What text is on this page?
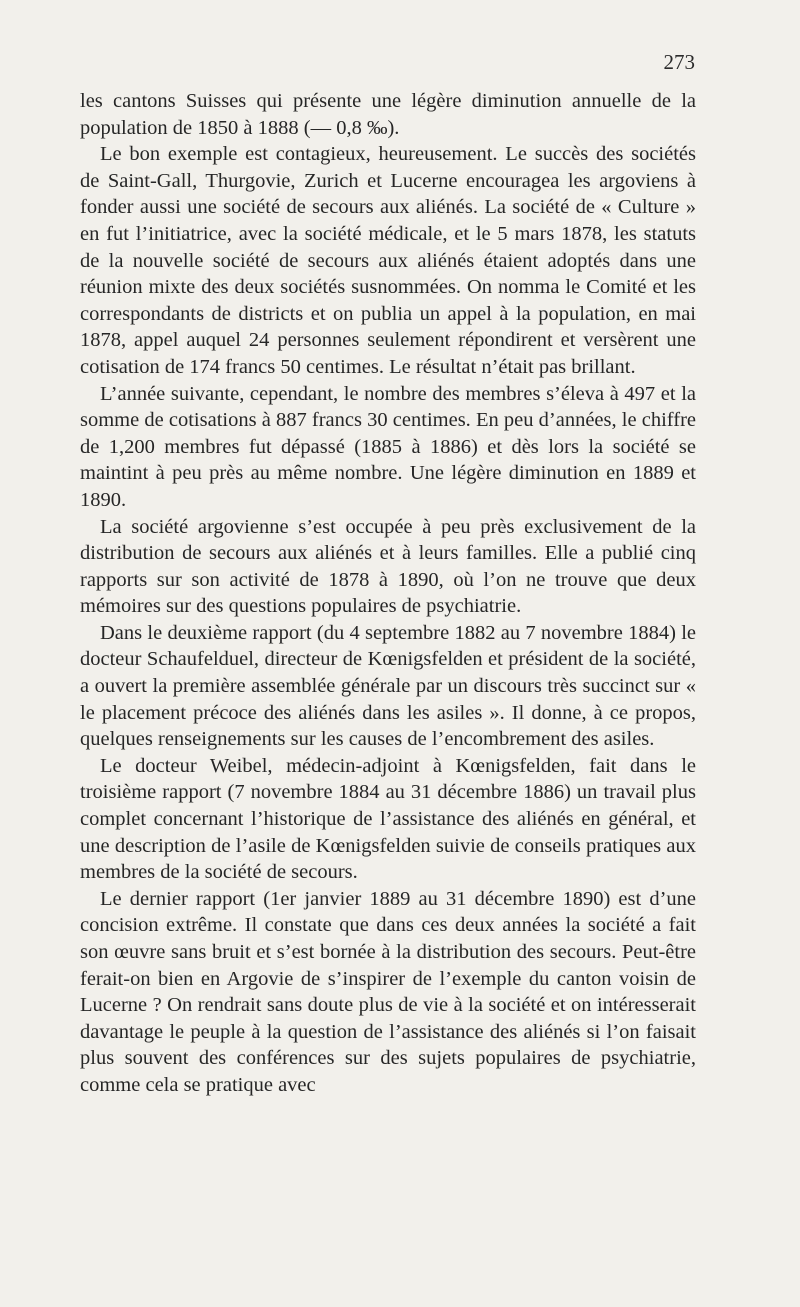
273

les cantons Suisses qui présente une légère diminution annuelle de la population de 1850 à 1888 (— 0,8 ‰).

Le bon exemple est contagieux, heureusement. Le succès des sociétés de Saint-Gall, Thurgovie, Zurich et Lucerne encouragea les argoviens à fonder aussi une société de secours aux aliénés. La société de « Culture » en fut l’initiatrice, avec la société médicale, et le 5 mars 1878, les statuts de la nouvelle société de secours aux aliénés étaient adoptés dans une réunion mixte des deux sociétés susnommées. On nomma le Comité et les correspondants de districts et on publia un appel à la population, en mai 1878, appel auquel 24 personnes seulement répondirent et versèrent une cotisation de 174 francs 50 centimes. Le résultat n’était pas brillant.

L’année suivante, cependant, le nombre des membres s’éleva à 497 et la somme de cotisations à 887 francs 30 centimes. En peu d’années, le chiffre de 1,200 membres fut dépassé (1885 à 1886) et dès lors la société se maintint à peu près au même nombre. Une légère diminution en 1889 et 1890.

La société argovienne s’est occupée à peu près exclusivement de la distribution de secours aux aliénés et à leurs familles. Elle a publié cinq rapports sur son activité de 1878 à 1890, où l’on ne trouve que deux mémoires sur des questions populaires de psychiatrie.

Dans le deuxième rapport (du 4 septembre 1882 au 7 novembre 1884) le docteur Schaufelduel, directeur de Kœnigsfelden et président de la société, a ouvert la première assemblée générale par un discours très succinct sur « le placement précoce des aliénés dans les asiles ». Il donne, à ce propos, quelques renseignements sur les causes de l’encombrement des asiles.

Le docteur Weibel, médecin-adjoint à Kœnigsfelden, fait dans le troisième rapport (7 novembre 1884 au 31 décembre 1886) un travail plus complet concernant l’historique de l’assistance des aliénés en général, et une description de l’asile de Kœnigsfelden suivie de conseils pratiques aux membres de la société de secours.

Le dernier rapport (1er janvier 1889 au 31 décembre 1890) est d’une concision extrême. Il constate que dans ces deux années la société a fait son œuvre sans bruit et s’est bornée à la distribution des secours. Peut-être ferait-on bien en Argovie de s’inspirer de l’exemple du canton voisin de Lucerne ? On rendrait sans doute plus de vie à la société et on intéresserait davantage le peuple à la question de l’assistance des aliénés si l’on faisait plus souvent des conférences sur des sujets populaires de psychiatrie, comme cela se pratique avec
